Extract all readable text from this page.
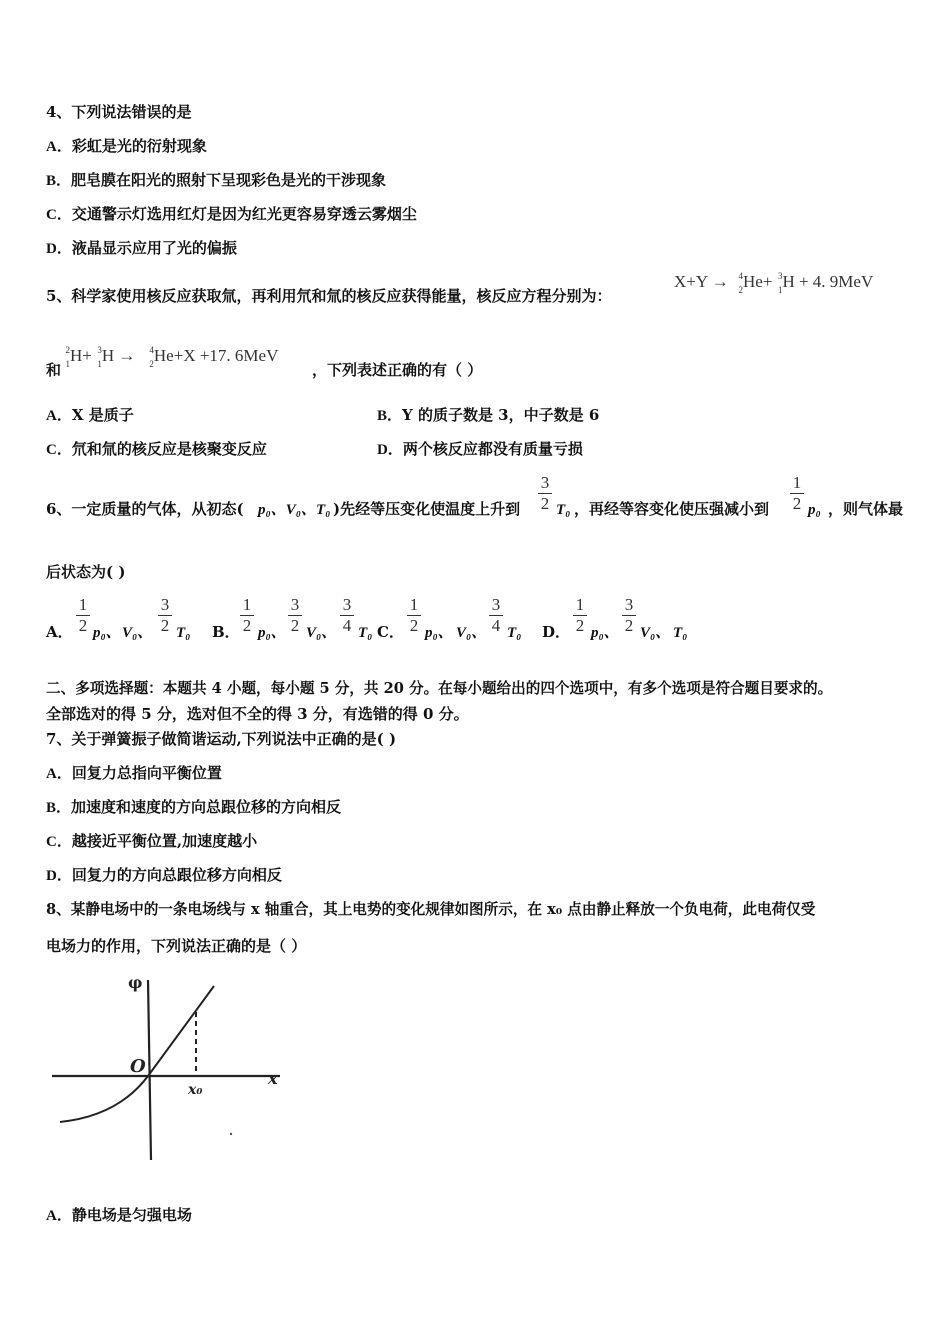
4、下列说法错误的是
A．彩虹是光的衍射现象
B．肥皂膜在阳光的照射下呈现彩色是光的干涉现象
C．交通警示灯选用红灯是因为红光更容易穿透云雾烟尘
D．液晶显示应用了光的偏振
5、科学家使用核反应获取氚，再利用氘和氚的核反应获得能量，核反应方程分别为：
X+Y → 4
2 He+ 3
1 H + 4. 9MeV
和
2
1 H+ 3
1 H → 4
2 He+X +17. 6MeV
，下列表述正确的有（ ）
A．X 是质子	B．Y 的质子数是 3，中子数是 6
C．氘和氚的核反应是核聚变反应	D．两个核反应都没有质量亏损
6、一定质量的气体，从初态( p₀、V₀、T₀ )先经等压变化使温度上升到 $\frac{3}{2} T_0$ ，再经等容变化使压强减小到 $\frac{1}{2} p_0$ ，则气体最
后状态为( )
A． $\frac{1}{2} p_0$、 V₀、 $\frac{3}{2} T_0$ B． $\frac{1}{2} p_0$、 $\frac{3}{2} V_0$、 $\frac{3}{4} T_0$ C． $\frac{1}{2} p_0$、 V₀、 $\frac{3}{4} T_0$ D． $\frac{1}{2} p_0$、 $\frac{3}{2} V_0$、 T₀
二、多项选择题：本题共 4 小题，每小题 5 分，共 20 分。在每小题给出的四个选项中，有多个选项是符合题目要求的。
全部选对的得 5 分，选对但不全的得 3 分，有选错的得 0 分。
7、关于弹簧振子做简谐运动,下列说法中正确的是( )
A．回复力总指向平衡位置
B．加速度和速度的方向总跟位移的方向相反
C．越接近平衡位置,加速度越小
D．回复力的方向总跟位移方向相反
8、某静电场中的一条电场线与 x 轴重合，其上电势的变化规律如图所示，在 x₀ 点由静止释放一个负电荷，此电荷仅受
电场力的作用，下列说法正确的是（ ）
φ
O
x
x₀
A．静电场是匀强电场
